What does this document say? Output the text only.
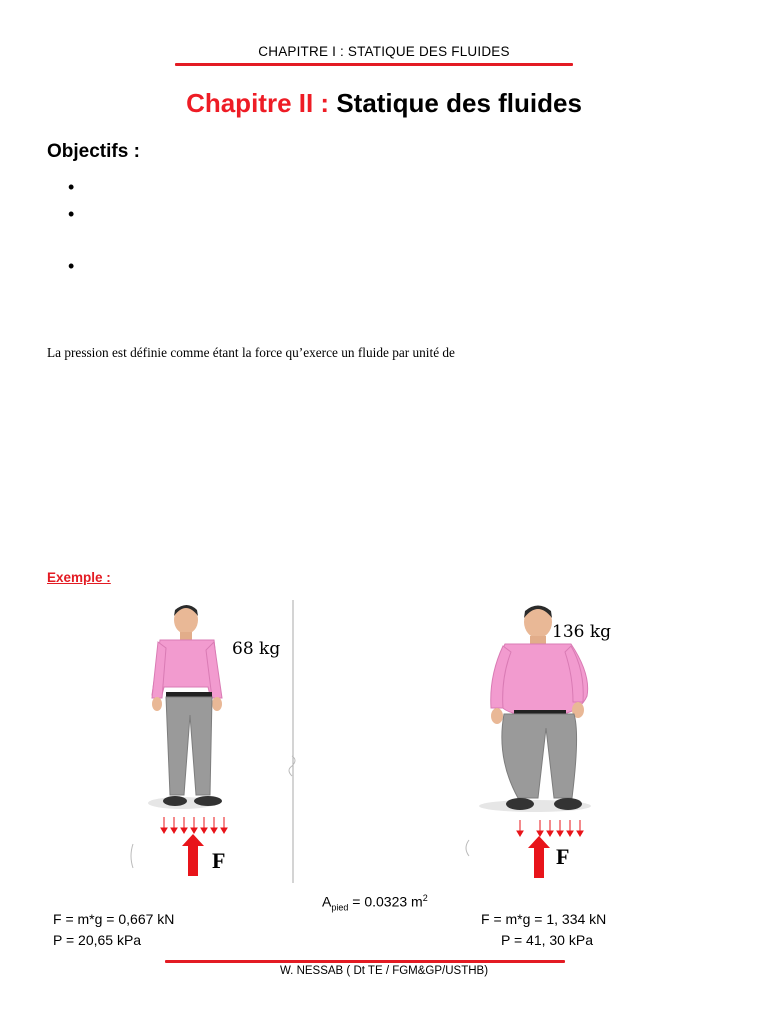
CHAPITRE I : STATIQUE DES FLUIDES
Chapitre II : Statique des fluides
Objectifs :
•
•
•
La pression est définie comme étant la force qu’exerce un fluide par unité de
Exemple :
68 kg
F
136 kg
F
$A_{pied} = 0.0323$ $m^2$
F = m*g = 0,667 kN
P = 20,65 kPa
F = m*g = 1, 334 kN
P = 41, 30 kPa
W. NESSAB ( Dt TE / FGM&GP/USTHB)
